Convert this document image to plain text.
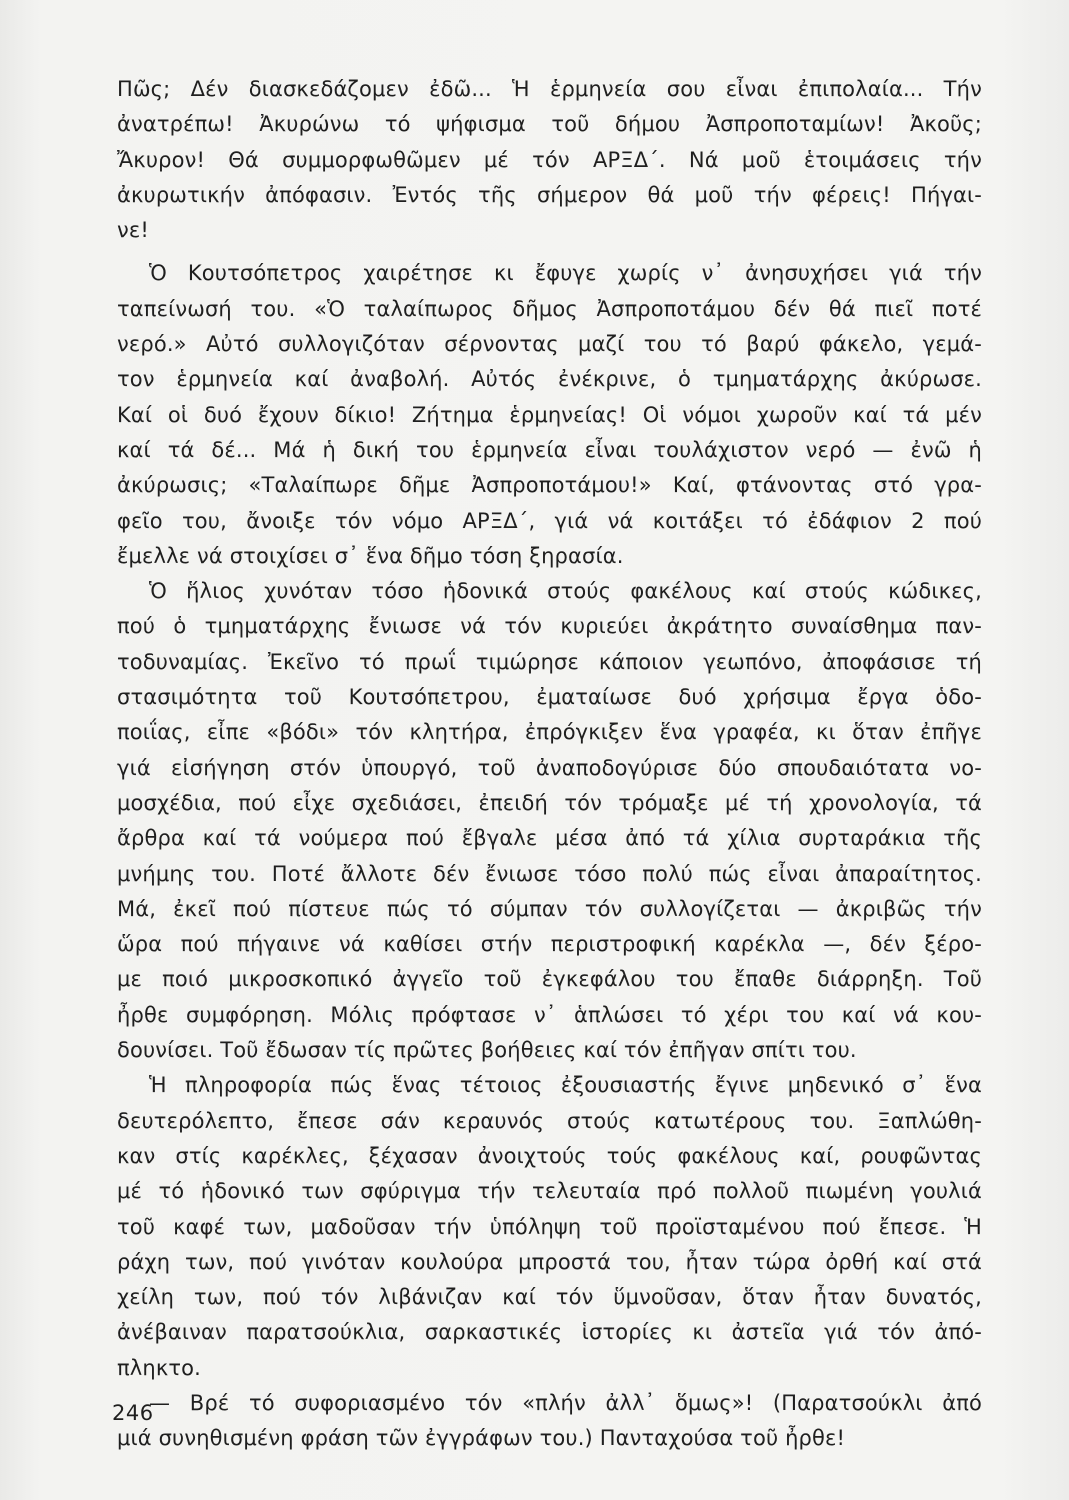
Πῶς; Δέν διασκεδάζομεν ἐδῶ... Ἡ ἑρμηνεία σου εἶναι ἐπιπολαία... Τήν
ἀνατρέπω! Ἀκυρώνω τό ψήφισμα τοῦ δήμου Ἀσπροποταμίων! Ἀκοῦς;
Ἄκυρον! Θά συμμορφωθῶμεν μέ τόν ΑΡΞΔ΄. Νά μοῦ ἑτοιμάσεις τήν
ἀκυρωτικήν ἀπόφασιν. Ἐντός τῆς σήμερον θά μοῦ τήν φέρεις! Πήγαι-
νε!
Ὁ Κουτσόπετρος χαιρέτησε κι ἔφυγε χωρίς ν᾽ ἀνησυχήσει γιά τήν
ταπείνωσή του. «Ὁ ταλαίπωρος δῆμος Ἀσπροποτάμου δέν θά πιεῖ ποτέ
νερό.» Αὐτό συλλογιζόταν σέρνοντας μαζί του τό βαρύ φάκελο, γεμά-
τον ἑρμηνεία καί ἀναβολή. Αὐτός ἐνέκρινε, ὁ τμηματάρχης ἀκύρωσε.
Καί οἱ δυό ἔχουν δίκιο! Ζήτημα ἑρμηνείας! Οἱ νόμοι χωροῦν καί τά μέν
καί τά δέ... Μά ἡ δική του ἑρμηνεία εἶναι τουλάχιστον νερό — ἐνῶ ἡ
ἀκύρωσις; «Ταλαίπωρε δῆμε Ἀσπροποτάμου!» Καί, φτάνοντας στό γρα-
φεῖο του, ἄνοιξε τόν νόμο ΑΡΞΔ΄, γιά νά κοιτάξει τό ἐδάφιον 2 πού
ἔμελλε νά στοιχίσει σ᾽ ἕνα δῆμο τόση ξηρασία.
Ὁ ἥλιος χυνόταν τόσο ἡδονικά στούς φακέλους καί στούς κώδικες,
πού ὁ τμηματάρχης ἔνιωσε νά τόν κυριεύει ἀκράτητο συναίσθημα παν-
τοδυναμίας. Ἐκεῖνο τό πρωΐ τιμώρησε κάποιον γεωπόνο, ἀποφάσισε τή
στασιμότητα τοῦ Κουτσόπετρου, ἐματαίωσε δυό χρήσιμα ἔργα ὁδο-
ποιΐας, εἶπε «βόδι» τόν κλητήρα, ἐπρόγκιξεν ἕνα γραφέα, κι ὅταν ἐπῆγε
γιά εἰσήγηση στόν ὑπουργό, τοῦ ἀναποδογύρισε δύο σπουδαιότατα νο-
μοσχέδια, πού εἶχε σχεδιάσει, ἐπειδή τόν τρόμαξε μέ τή χρονολογία, τά
ἄρθρα καί τά νούμερα πού ἔβγαλε μέσα ἀπό τά χίλια συρταράκια τῆς
μνήμης του. Ποτέ ἄλλοτε δέν ἔνιωσε τόσο πολύ πώς εἶναι ἀπαραίτητος.
Μά, ἐκεῖ πού πίστευε πώς τό σύμπαν τόν συλλογίζεται — ἀκριβῶς τήν
ὥρα πού πήγαινε νά καθίσει στήν περιστροφική καρέκλα —, δέν ξέρο-
με ποιό μικροσκοπικό ἀγγεῖο τοῦ ἐγκεφάλου του ἔπαθε διάρρηξη. Τοῦ
ἦρθε συμφόρηση. Μόλις πρόφτασε ν᾽ ἁπλώσει τό χέρι του καί νά κου-
δουνίσει. Τοῦ ἔδωσαν τίς πρῶτες βοήθειες καί τόν ἐπῆγαν σπίτι του.
Ἡ πληροφορία πώς ἕνας τέτοιος ἐξουσιαστής ἔγινε μηδενικό σ᾽ ἕνα
δευτερόλεπτο, ἔπεσε σάν κεραυνός στούς κατωτέρους του. Ξαπλώθη-
καν στίς καρέκλες, ξέχασαν ἀνοιχτούς τούς φακέλους καί, ρουφῶντας
μέ τό ἡδονικό των σφύριγμα τήν τελευταία πρό πολλοῦ πιωμένη γουλιά
τοῦ καφέ των, μαδοῦσαν τήν ὑπόληψη τοῦ προϊσταμένου πού ἔπεσε. Ἡ
ράχη των, πού γινόταν κουλούρα μπροστά του, ἦταν τώρα ὀρθή καί στά
χείλη των, πού τόν λιβάνιζαν καί τόν ὕμνοῦσαν, ὅταν ἦταν δυνατός,
ἀνέβαιναν παρατσούκλια, σαρκαστικές ἱστορίες κι ἀστεῖα γιά τόν ἀπό-
πληκτο.
— Βρέ τό συφοριασμένο τόν «πλήν ἀλλ᾽ ὅμως»! (Παρατσούκλι ἀπό
μιά συνηθισμένη φράση τῶν ἐγγράφων του.) Πανταχούσα τοῦ ἦρθε!
246
